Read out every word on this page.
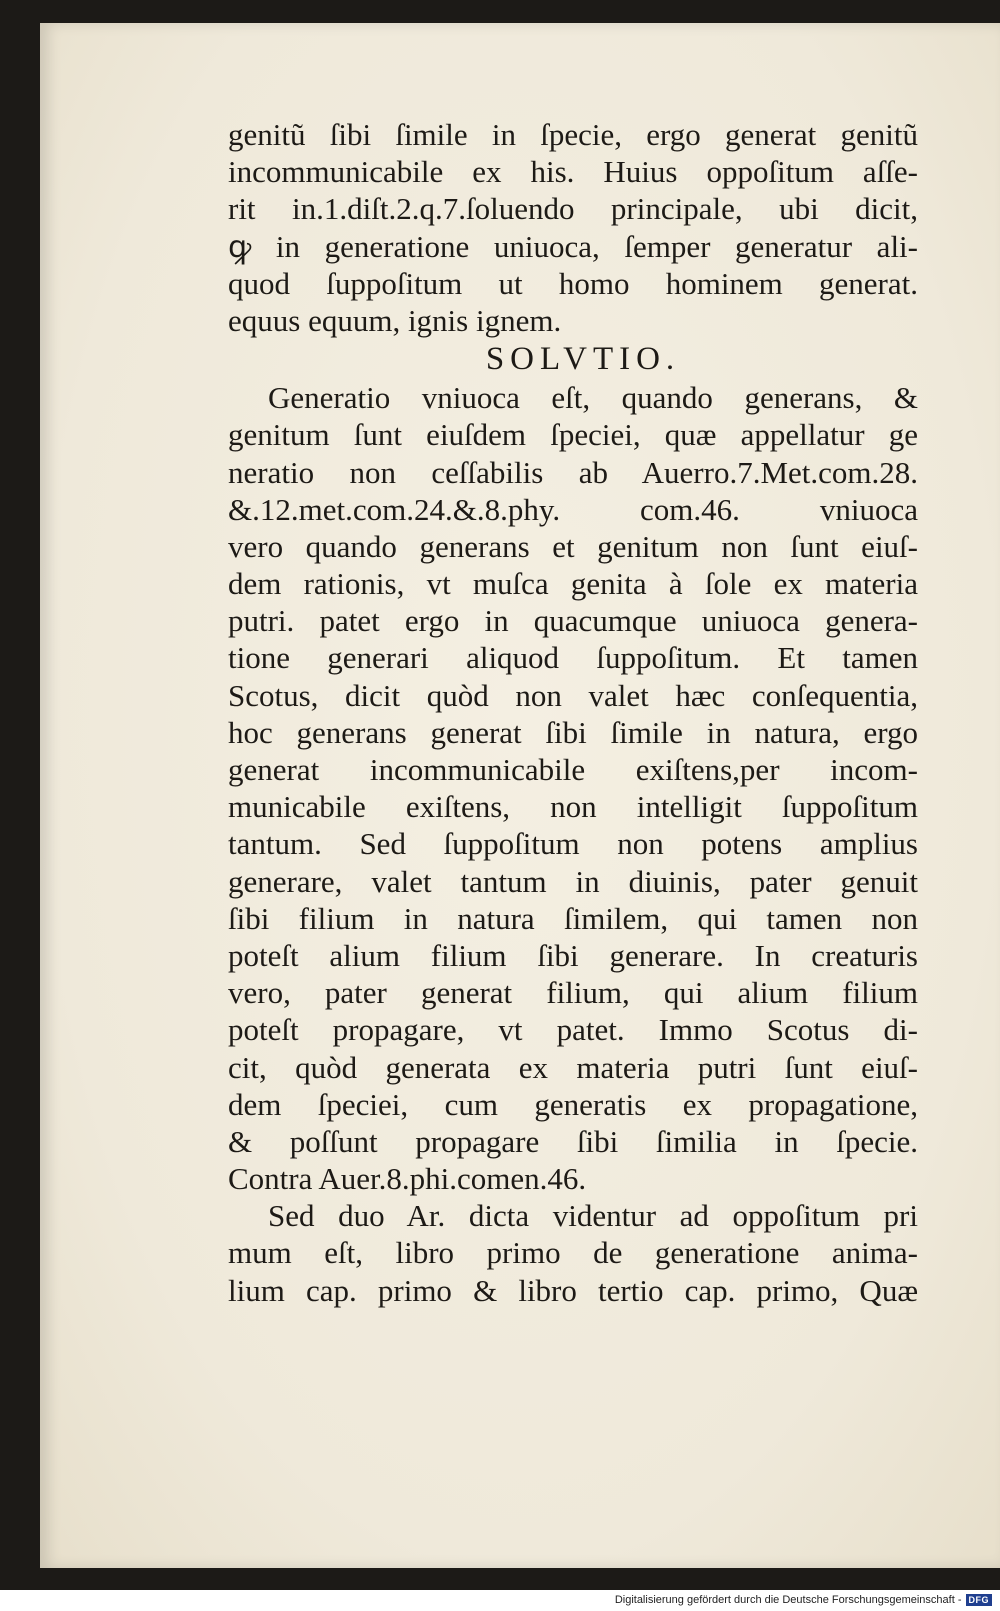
genitũ ſibi ſimile in ſpecie, ergo generat genitũ
incommunicabile ex his. Huius oppoſitum aſſe-
rit in.1.diſt.2.q.7.ſoluendo principale, ubi dicit,
ꝙ in generatione uniuoca, ſemper generatur ali-
quod ſuppoſitum ut homo hominem generat.
equus equum, ignis ignem.
SOLVTIO.
Generatio vniuoca eſt, quando generans, &
genitum ſunt eiuſdem ſpeciei, quæ appellatur ge
neratio non ceſſabilis ab Auerro.7.Met.com.28.
&.12.met.com.24.&.8.phy. com.46. vniuoca
vero quando generans et genitum non ſunt eiuſ-
dem rationis, vt muſca genita à ſole ex materia
putri. patet ergo in quacumque uniuoca genera-
tione generari aliquod ſuppoſitum. Et tamen
Scotus, dicit quòd non valet hæc conſequentia,
hoc generans generat ſibi ſimile in natura, ergo
generat incommunicabile exiſtens,per incom-
municabile exiſtens, non intelligit ſuppoſitum
tantum. Sed ſuppoſitum non potens amplius
generare, valet tantum in diuinis, pater genuit
ſibi filium in natura ſimilem, qui tamen non
poteſt alium filium ſibi generare. In creaturis
vero, pater generat filium, qui alium filium
poteſt propagare, vt patet. Immo Scotus di-
cit, quòd generata ex materia putri ſunt eiuſ-
dem ſpeciei, cum generatis ex propagatione,
& poſſunt propagare ſibi ſimilia in ſpecie.
Contra Auer.8.phi.comen.46.
Sed duo Ar. dicta videntur ad oppoſitum pri
mum eſt, libro primo de generatione anima-
lium cap. primo & libro tertio cap. primo, Quæ
Digitalisierung gefördert durch die Deutsche Forschungsgemeinschaft - DFG
